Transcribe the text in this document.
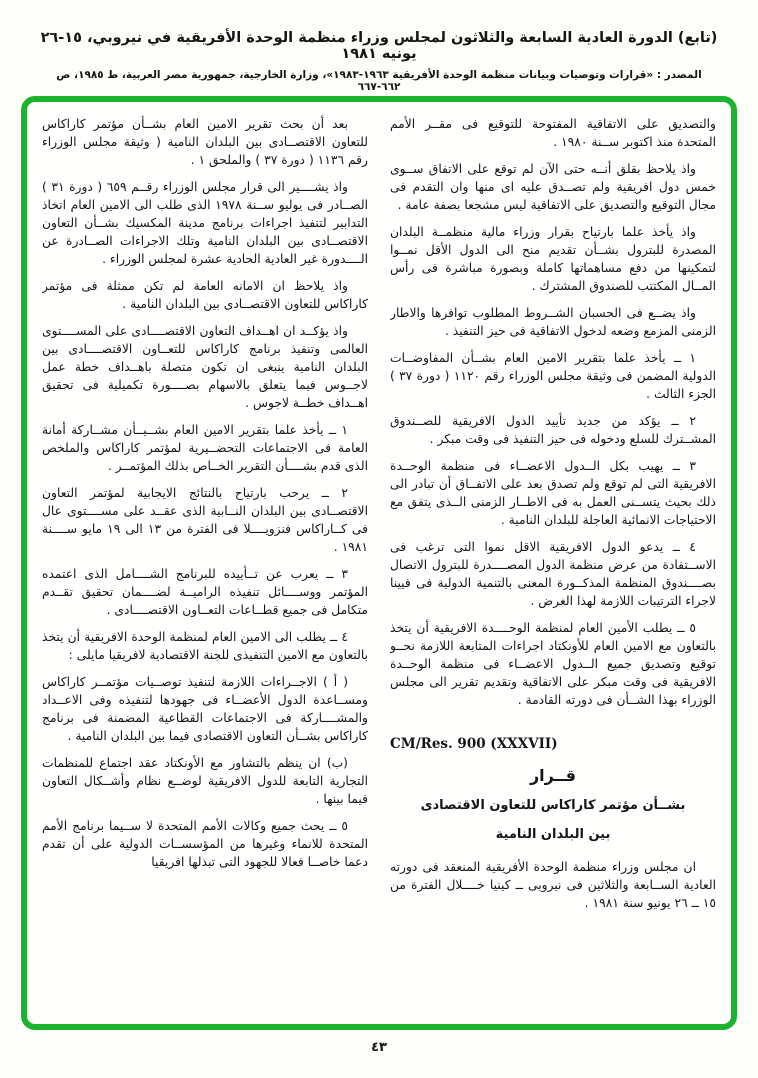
(تابع) الدورة العادية السابعة والثلاثون لمجلس وزراء منظمة الوحدة الأفريقية في نيروبي، ١٥-٢٦ يونيه ١٩٨١
المصدر : «قرارات وتوصيات وبيانات منظمة الوحدة الأفريقية ١٩٦٣-١٩٨٣»، وزارة الخارجية، جمهورية مصر العربية، ط ١٩٨٥، ص ٦٦٢-٦٦٧

والتصديق على الاتفاقية المفتوحة للتوقيع فى مقــر الأمم المتحدة منذ اكتوبر ســنة ١٩٨٠ .

واذ يلاحظ بقلق أنــه حتى الآن لم توقع على الاتفاق ســوى خمس دول افريقية ولم تصــدق عليه اى منها وان التقدم فى مجال التوقيع والتصديق على الاتفاقية ليس مشجعا بصفة عامة .

واذ يأخذ علما بارتياح بقرار وزراء مالية منظمــة البلدان المصدرة للبترول بشــأن تقديم منح الى الدول الأقل نمــوا لتمكينها من دفع مساهماتها كاملة وبصورة مباشرة فى رأس المــال المكتتب للصندوق المشترك .

واذ يضــع فى الحسبان الشــروط المطلوب توافرها والاطار الزمنى المزمع وضعه لدخول الاتفاقية فى حيز التنفيذ .

١ ــ يأخذ علما بتقرير الامين العام بشــأن المفاوضــات الدولية المضمن فى وثيقة مجلس الوزراء رقم ١١٢٠ ( دورة ٣٧ ) الجزء الثالث .

٢ ــ يؤكد من جديد تأييد الدول الافريقية للصــندوق المشــترك للسلع ودخوله فى حيز التنفيذ فى وقت مبكر .

٣ ــ يهيب بكل الــدول الاعضــاء فى منظمة الوحــدة الافريقية التى لم توقع ولم تصدق بعد على الاتفــاق أن تبادر الى ذلك بحيث يتســنى العمل به فى الاطــار الزمنى الــذى يتفق مع الاحتياجات الانمائية العاجلة للبلدان النامية .

٤ ــ يدعو الدول الافريقية الاقل نموا التى ترغب فى الاســتفادة من عرض منظمة الدول المصــــدرة للبترول الاتصال بصــــندوق المنظمة المذكــورة المعنى بالتنمية الدولية فى فيينا لاجراء الترتيبات اللازمة لهذا الغرض .

٥ ــ يطلب الأمين العام لمنظمة الوحــــدة الافريقية أن يتخذ بالتعاون مع الامين العام للأونكتاد اجراءات المتابعة اللازمة نحــو توقيع وتصديق جميع الــدول الاعضــاء فى منظمة الوحــدة الافريقية فى وقت مبكر على الاتفاقية وتقديم تقرير الى مجلس الوزراء بهذا الشــأن فى دورته القادمة .

CM/Res. 900 (XXXVII)
قــرار
بشــأن مؤتمر كاراكاس للتعاون الاقتصادى
بين البلدان النامية

ان مجلس وزراء منظمة الوحدة الأفريقية المنعقد فى دورته العادية الســابعة والثلاثين فى نيروبى ــ كينيا خــــلال الفترة من ١٥ ــ ٢٦ يونيو سنة ١٩٨١ .

بعد أن بحث تقرير الامين العام بشــأن مؤتمر كاراكاس للتعاون الاقتصــادى بين البلدان النامية ( وثيقة مجلس الوزراء رقم ١١٣٦ ( دورة ٣٧ ) والملحق ١ .

واذ يشــــير الى قرار مجلس الوزراء رقــم ٦٥٩ ( دورة ٣١ ) الصــادر فى يوليو ســنة ١٩٧٨ الذى طلب الى الامين العام اتخاذ التدابير لتنفيذ اجراءات برنامج مدينة المكسيك بشــأن التعاون الاقتصــادى بين البلدان النامية وتلك الاجراءات الصــادرة عن الــــدورة غير العادية الحادية عشرة لمجلس الوزراء .

واذ يلاحظ ان الامانه العامة لم تكن ممثلة فى مؤتمر كاراكاس للتعاون الاقتصــادى بين البلدان النامية .

واذ يؤكــد ان اهــداف التعاون الاقتصــــادى على المســــتوى العالمى وتنفيذ برنامج كاراكاس للتعــاون الاقتصــــادى بين البلدان النامية ينبغى ان تكون متصلة باهــداف خطة عمل لاجــوس فيما يتعلق بالاسهام بصــــورة تكميلية فى تحقيق اهــداف خطــة لاجوس .

١ ــ يأخذ علما بتقرير الامين العام بشــيــأن مشــاركة أمانة العامة فى الاجتماعات التحضــيرية لمؤتمر كاراكاس والملخص الذى قدم بشــــأن التقرير الخــاص بذلك المؤتمــر .

٢ ــ يرحب بارتياح بالنتائج الايجابية لمؤتمر التعاون الاقتصــادى بين البلدان النــابية الذى عقــد على مســــتوى عال فى كــاراكاس فنزويــــلا فى الفترة من ١٣ الى ١٩ مايو ســــنة ١٩٨١ .

٣ ــ يعرب عن تــأييده للبرنامج الشــــامل الذى اعتمده المؤتمر ووســــائل تنفيذه الراميــة لضــــمان تحقيق تقــدم متكامل فى جميع قطــاعات التعــاون الاقتصــــادى .

٤ ــ يطلب الى الامين العام لمنظمة الوحدة الافريقية أن يتخذ بالتعاون مع الامين التنفيذى للجنة الاقتصادية لافريقيا مايلى :

( أ ) الاجــراءات اللازمة لتنفيذ توصــيات مؤتمــر كاراكاس ومســاعدة الدول الأعضــاء فى جهودها لتنفيذه وفى الاعــداد والمشــــاركة فى الاجتماعات القطاعية المضمنة فى برنامج كاراكاس بشــأن التعاون الاقتصادى فيما بين البلدان النامية .

(ب) ان ينظم بالتشاور مع الأونكتاد عقد اجتماع للمنظمات التجارية التابعة للدول الافريقية لوضــع نظام وأشــكال التعاون فيما بينها .

٥ ــ يحث جميع وكالات الأمم المتحدة لا ســيما برنامج الأمم المتحدة للانماء وغيرها من المؤسســات الدولية على أن تقدم دعما خاصــا فعالا للجهود التى تبذلها افريقيا

٤٣
